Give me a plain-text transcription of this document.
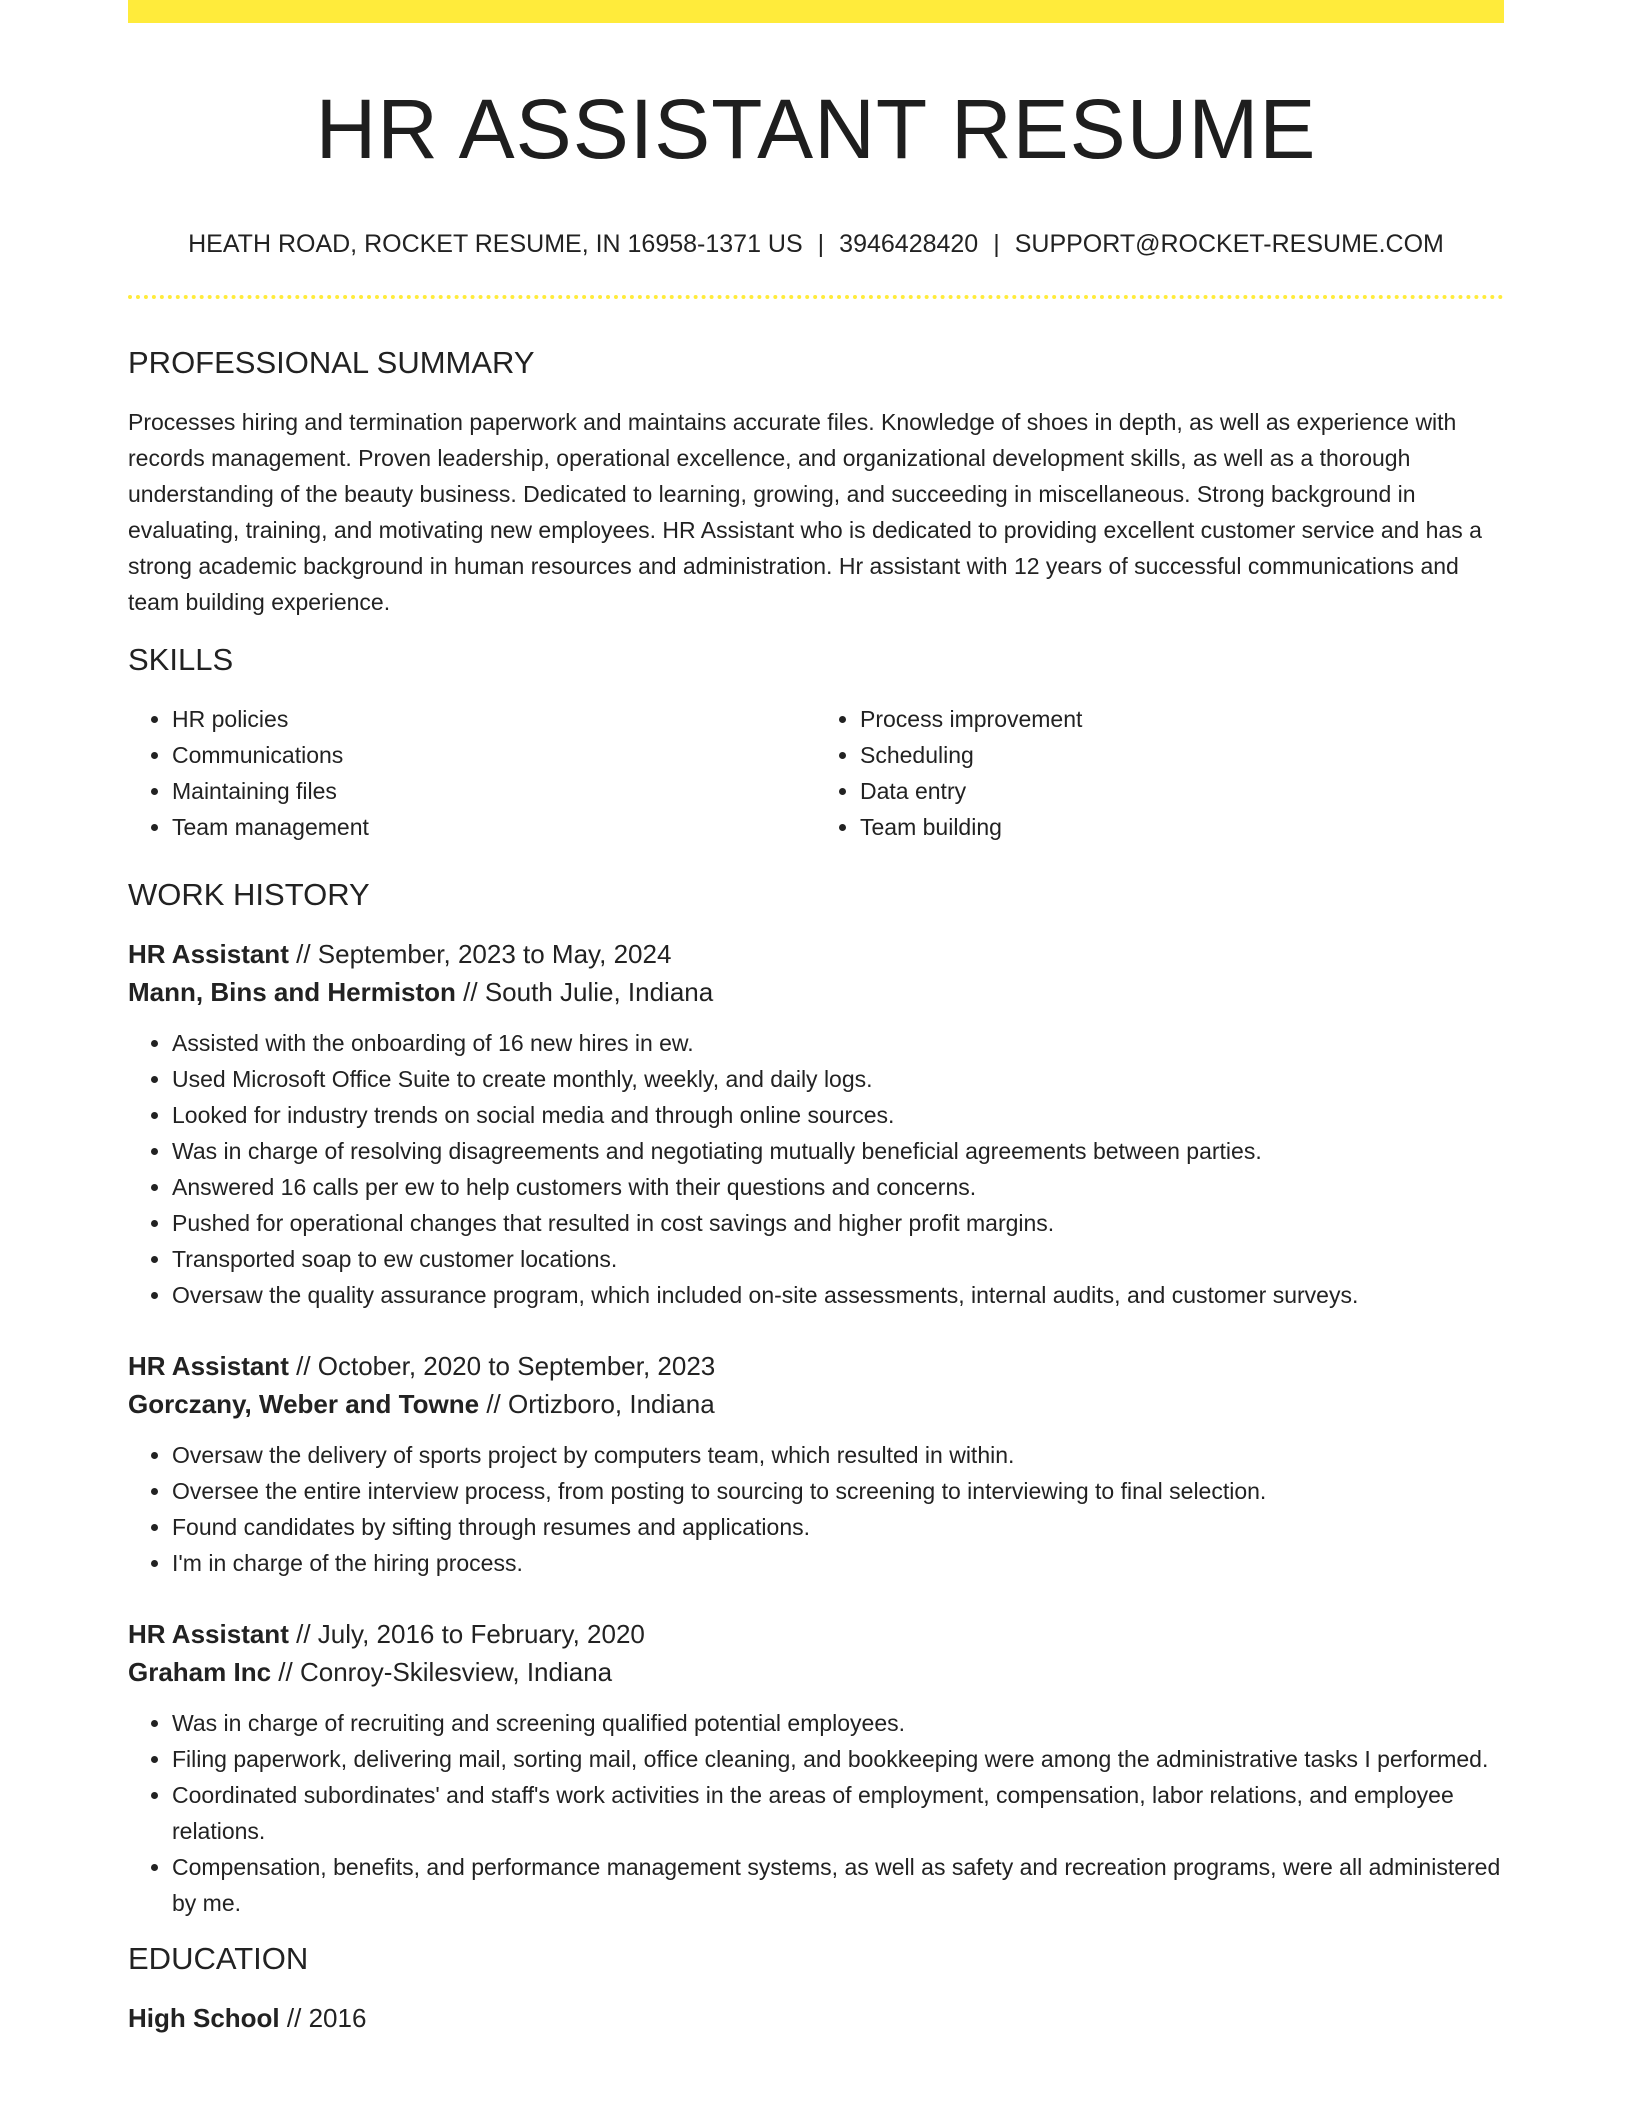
HR ASSISTANT RESUME
HEATH ROAD, ROCKET RESUME, IN 16958-1371 US | 3946428420 | SUPPORT@ROCKET-RESUME.COM
PROFESSIONAL SUMMARY
Processes hiring and termination paperwork and maintains accurate files. Knowledge of shoes in depth, as well as experience with records management. Proven leadership, operational excellence, and organizational development skills, as well as a thorough understanding of the beauty business. Dedicated to learning, growing, and succeeding in miscellaneous. Strong background in evaluating, training, and motivating new employees. HR Assistant who is dedicated to providing excellent customer service and has a strong academic background in human resources and administration. Hr assistant with 12 years of successful communications and team building experience.
SKILLS
• HR policies
• Communications
• Maintaining files
• Team management
• Process improvement
• Scheduling
• Data entry
• Team building
WORK HISTORY
HR Assistant // September, 2023 to May, 2024
Mann, Bins and Hermiston // South Julie, Indiana
• Assisted with the onboarding of 16 new hires in ew.
• Used Microsoft Office Suite to create monthly, weekly, and daily logs.
• Looked for industry trends on social media and through online sources.
• Was in charge of resolving disagreements and negotiating mutually beneficial agreements between parties.
• Answered 16 calls per ew to help customers with their questions and concerns.
• Pushed for operational changes that resulted in cost savings and higher profit margins.
• Transported soap to ew customer locations.
• Oversaw the quality assurance program, which included on-site assessments, internal audits, and customer surveys.
HR Assistant // October, 2020 to September, 2023
Gorczany, Weber and Towne // Ortizboro, Indiana
• Oversaw the delivery of sports project by computers team, which resulted in within.
• Oversee the entire interview process, from posting to sourcing to screening to interviewing to final selection.
• Found candidates by sifting through resumes and applications.
• I'm in charge of the hiring process.
HR Assistant // July, 2016 to February, 2020
Graham Inc // Conroy-Skilesview, Indiana
• Was in charge of recruiting and screening qualified potential employees.
• Filing paperwork, delivering mail, sorting mail, office cleaning, and bookkeeping were among the administrative tasks I performed.
• Coordinated subordinates' and staff's work activities in the areas of employment, compensation, labor relations, and employee relations.
• Compensation, benefits, and performance management systems, as well as safety and recreation programs, were all administered by me.
EDUCATION
High School // 2016
